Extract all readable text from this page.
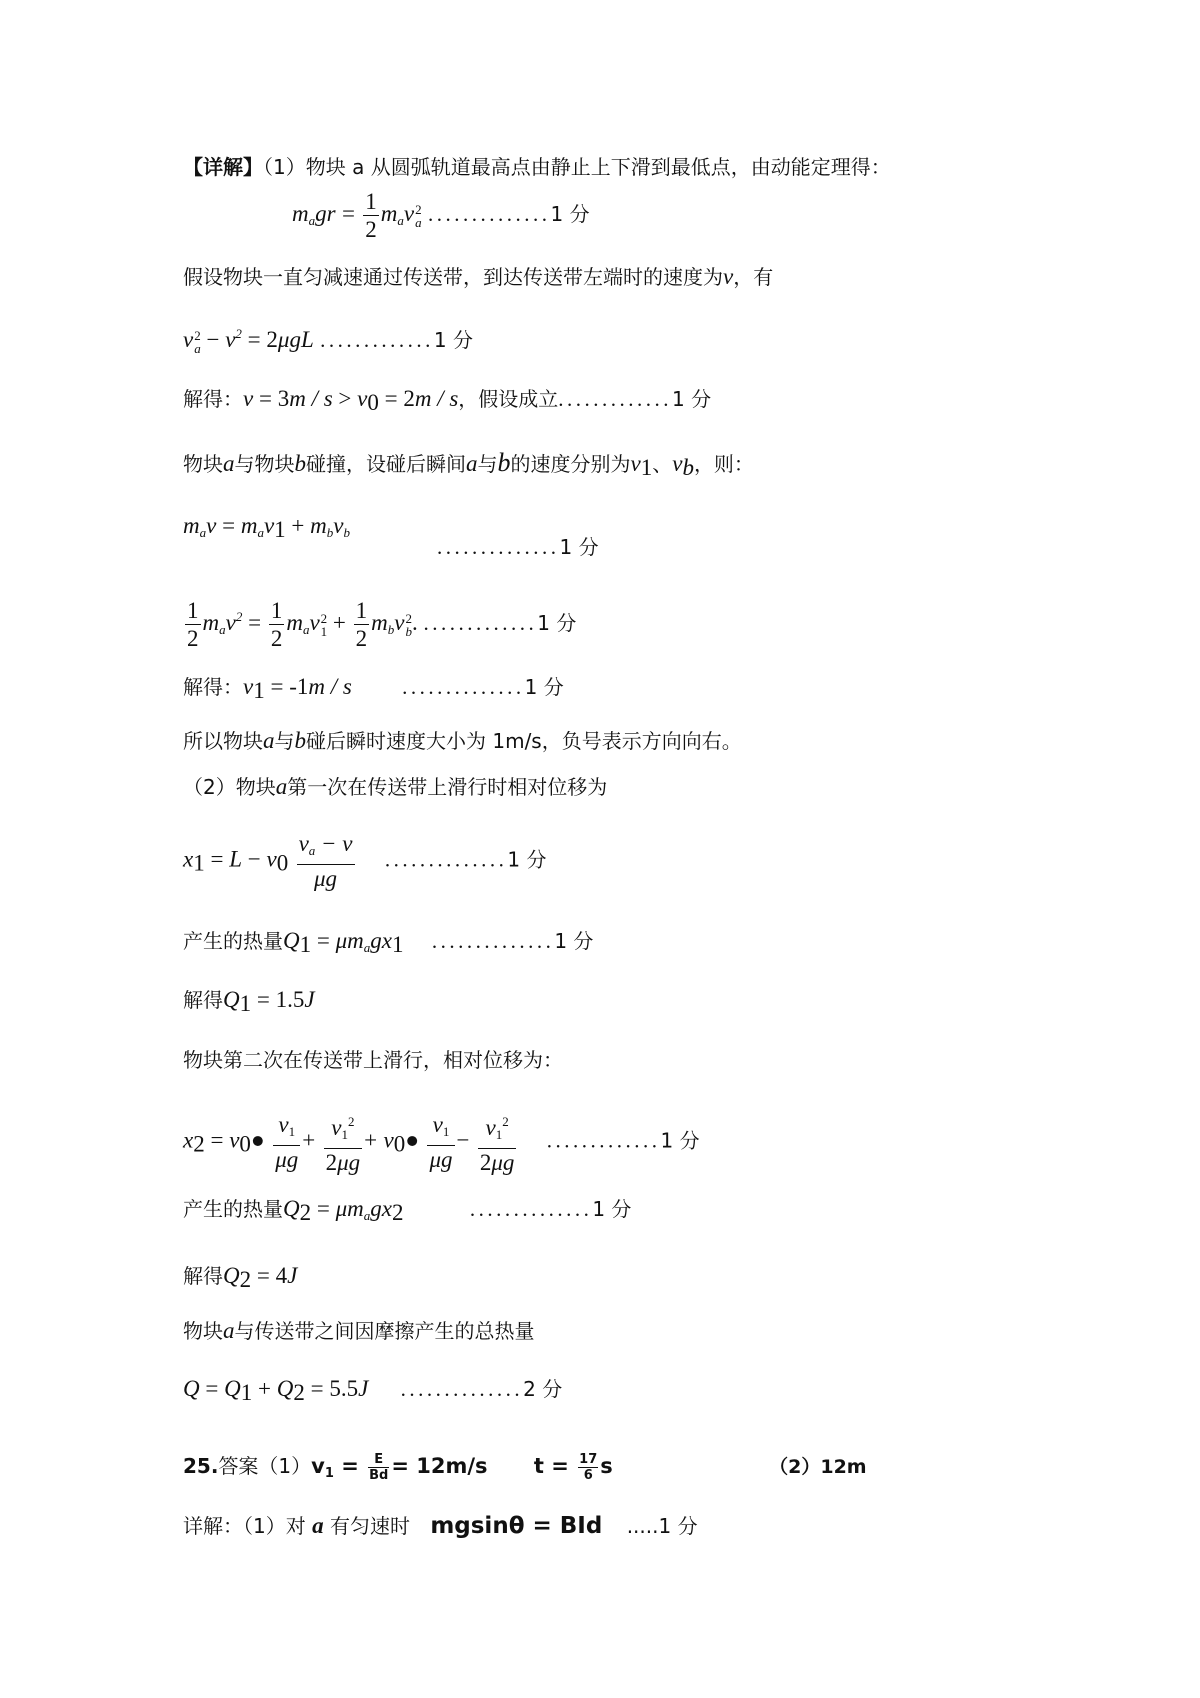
【详解】（1）物块 a 从圆弧轨道最高点由静止上下滑到最低点，由动能定理得：
$m_agr = \frac{1}{2} m_av$ 2
a ..............1 分
假设物块一直匀减速通过传送带，到达传送带左端时的速度为v，有
v 2
$a - v^2 = 2\mu gL$ .............1 分
解得：$v = 3m / s > v_0 = 2m / s$，假设成立.............1 分
物块a与物块b碰撞，设碰后瞬间a与b的速度分别为$v_1$、$v_b$，则：
$m_av = m_av_1 + m_bv_b$
..............1 分
$\frac{1}{2} m_av^2 = \frac{1}{2} m_av$ 2
$1 + \frac{1}{2} m_bv$ 2
b . .............1 分
解得：$v_1 = -1m / s$ ..............1 分
所以物块a与b碰后瞬时速度大小为 1m/s，负号表示方向向右。
（2）物块a第一次在传送带上滑行时相对位移为
$x_1 = L - v_0 \frac{v_a - v}{\mu g} ..............1$ 分
产生的热量$Q_1 = \mu m_agx_1$ ..............1 分
解得$Q_1 = 1.5J$
物块第二次在传送带上滑行，相对位移为：
$x_2$ = $v_0● \frac{v_1}{\mu g} + \frac{v_1^2}{2\mu g}$ + $v_0● \frac{v_1}{\mu g} - \frac{v_1^2}{2\mu g} .............1$ 分
产生的热量$Q_2 = \mu m_agx_2$	..............1 分
解得$Q_2 = 4J$
物块a与传送带之间因摩擦产生的总热量
$Q = Q_1 + Q_2 = 5.5J$ ..............2 分
25.答案$(1)v_1 = \frac{E}{Bd} = 12m/s$ $t = \frac{17}{6}$ s	（2）12m
详解：（1）对 a 有匀速时 mgsinθ = BId .....1 分
